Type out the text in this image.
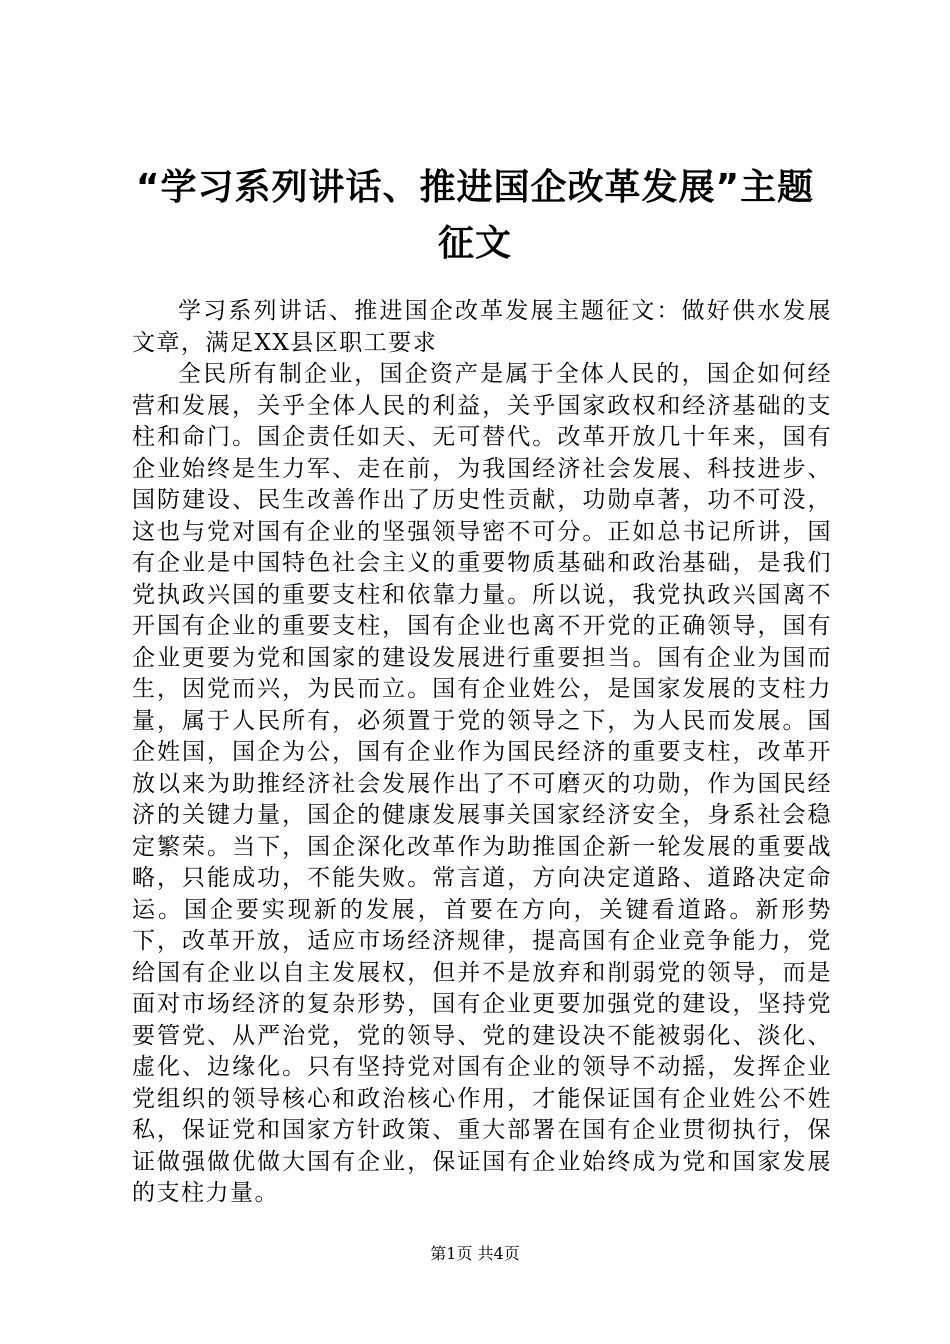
“学习系列讲话、推进国企改革发展”主题征文

学习系列讲话、推进国企改革发展主题征文：做好供水发展文章，满足XX县区职工要求

全民所有制企业，国企资产是属于全体人民的，国企如何经营和发展，关乎全体人民的利益，关乎国家政权和经济基础的支柱和命门。国企责任如天、无可替代。改革开放几十年来，国有企业始终是生力军、走在前，为我国经济社会发展、科技进步、国防建设、民生改善作出了历史性贡献，功勋卓著，功不可没，这也与党对国有企业的坚强领导密不可分。正如总书记所讲，国有企业是中国特色社会主义的重要物质基础和政治基础，是我们党执政兴国的重要支柱和依靠力量。所以说，我党执政兴国离不开国有企业的重要支柱，国有企业也离不开党的正确领导，国有企业更要为党和国家的建设发展进行重要担当。国有企业为国而生，因党而兴，为民而立。国有企业姓公，是国家发展的支柱力量，属于人民所有，必须置于党的领导之下，为人民而发展。国企姓国，国企为公，国有企业作为国民经济的重要支柱，改革开放以来为助推经济社会发展作出了不可磨灭的功勋，作为国民经济的关键力量，国企的健康发展事关国家经济安全，身系社会稳定繁荣。当下，国企深化改革作为助推国企新一轮发展的重要战略，只能成功，不能失败。常言道，方向决定道路、道路决定命运。国企要实现新的发展，首要在方向，关键看道路。新形势下，改革开放，适应市场经济规律，提高国有企业竞争能力，党给国有企业以自主发展权，但并不是放弃和削弱党的领导，而是面对市场经济的复杂形势，国有企业更要加强党的建设，坚持党要管党、从严治党，党的领导、党的建设决不能被弱化、淡化、虚化、边缘化。只有坚持党对国有企业的领导不动摇，发挥企业党组织的领导核心和政治核心作用，才能保证国有企业姓公不姓私，保证党和国家方针政策、重大部署在国有企业贯彻执行，保证做强做优做大国有企业，保证国有企业始终成为党和国家发展的支柱力量。

第1页 共4页
